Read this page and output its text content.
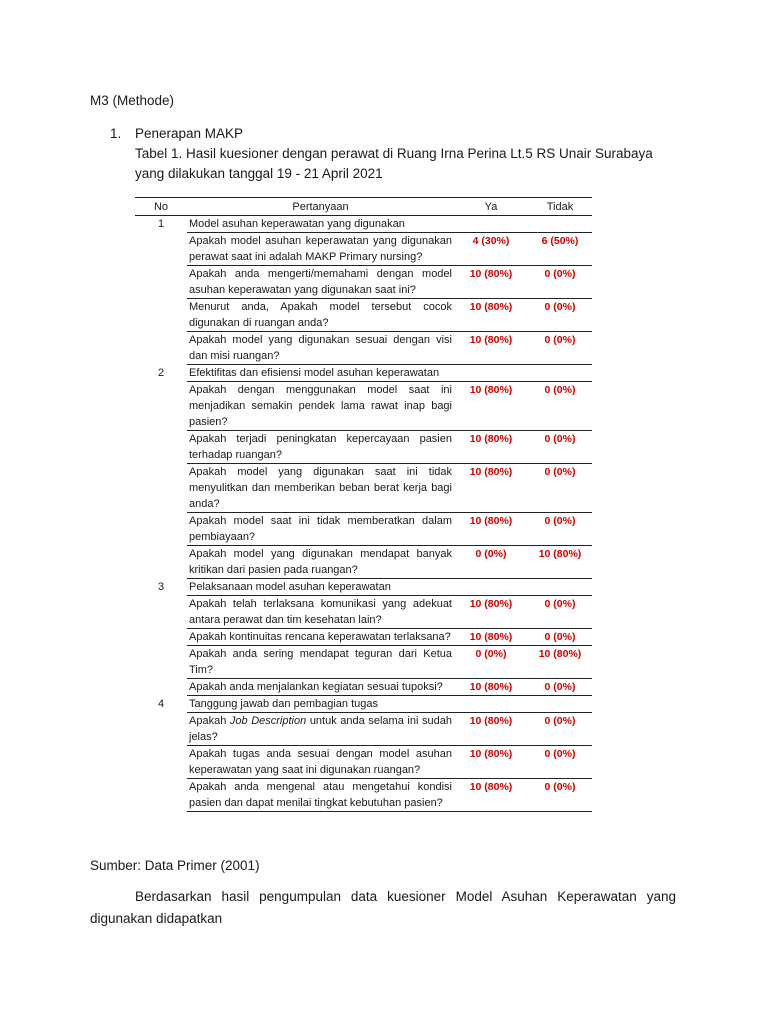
M3 (Methode)
1. Penerapan MAKP
Tabel 1. Hasil kuesioner dengan perawat di Ruang Irna Perina Lt.5 RS Unair Surabaya yang dilakukan tanggal 19 - 21 April 2021
No	Pertanyaan	Ya	Tidak
1	Model asuhan keperawatan yang digunakan		
	Apakah model asuhan keperawatan yang digunakan perawat saat ini adalah MAKP Primary nursing?	4 (30%)	6 (50%)
	Apakah anda mengerti/memahami dengan model asuhan keperawatan yang digunakan saat ini?	10 (80%)	0 (0%)
	Menurut anda, Apakah model tersebut cocok digunakan di ruangan anda?	10 (80%)	0 (0%)
	Apakah model yang digunakan sesuai dengan visi dan misi ruangan?	10 (80%)	0 (0%)
2	Efektifitas dan efisiensi model asuhan keperawatan		
	Apakah dengan menggunakan model saat ini menjadikan semakin pendek lama rawat inap bagi pasien?	10 (80%)	0 (0%)
	Apakah terjadi peningkatan kepercayaan pasien terhadap ruangan?	10 (80%)	0 (0%)
	Apakah model yang digunakan saat ini tidak menyulitkan dan memberikan beban berat kerja bagi anda?	10 (80%)	0 (0%)
	Apakah model saat ini tidak memberatkan dalam pembiayaan?	10 (80%)	0 (0%)
	Apakah model yang digunakan mendapat banyak kritikan dari pasien pada ruangan?	0 (0%)	10 (80%)
3	Pelaksanaan model asuhan keperawatan		
	Apakah telah terlaksana komunikasi yang adekuat antara perawat dan tim kesehatan lain?	10 (80%)	0 (0%)
	Apakah kontinuitas rencana keperawatan terlaksana?	10 (80%)	0 (0%)
	Apakah anda sering mendapat teguran dari Ketua Tim?	0 (0%)	10 (80%)
	Apakah anda menjalankan kegiatan sesuai tupoksi?	10 (80%)	0 (0%)
4	Tanggung jawab dan pembagian tugas		
	Apakah Job Description untuk anda selama ini sudah jelas?	10 (80%)	0 (0%)
	Apakah tugas anda sesuai dengan model asuhan keperawatan yang saat ini digunakan ruangan?	10 (80%)	0 (0%)
	Apakah anda mengenal atau mengetahui kondisi pasien dan dapat menilai tingkat kebutuhan pasien?	10 (80%)	0 (0%)
Sumber: Data Primer (2001)
Berdasarkan hasil pengumpulan data kuesioner Model Asuhan Keperawatan yang digunakan didapatkan
